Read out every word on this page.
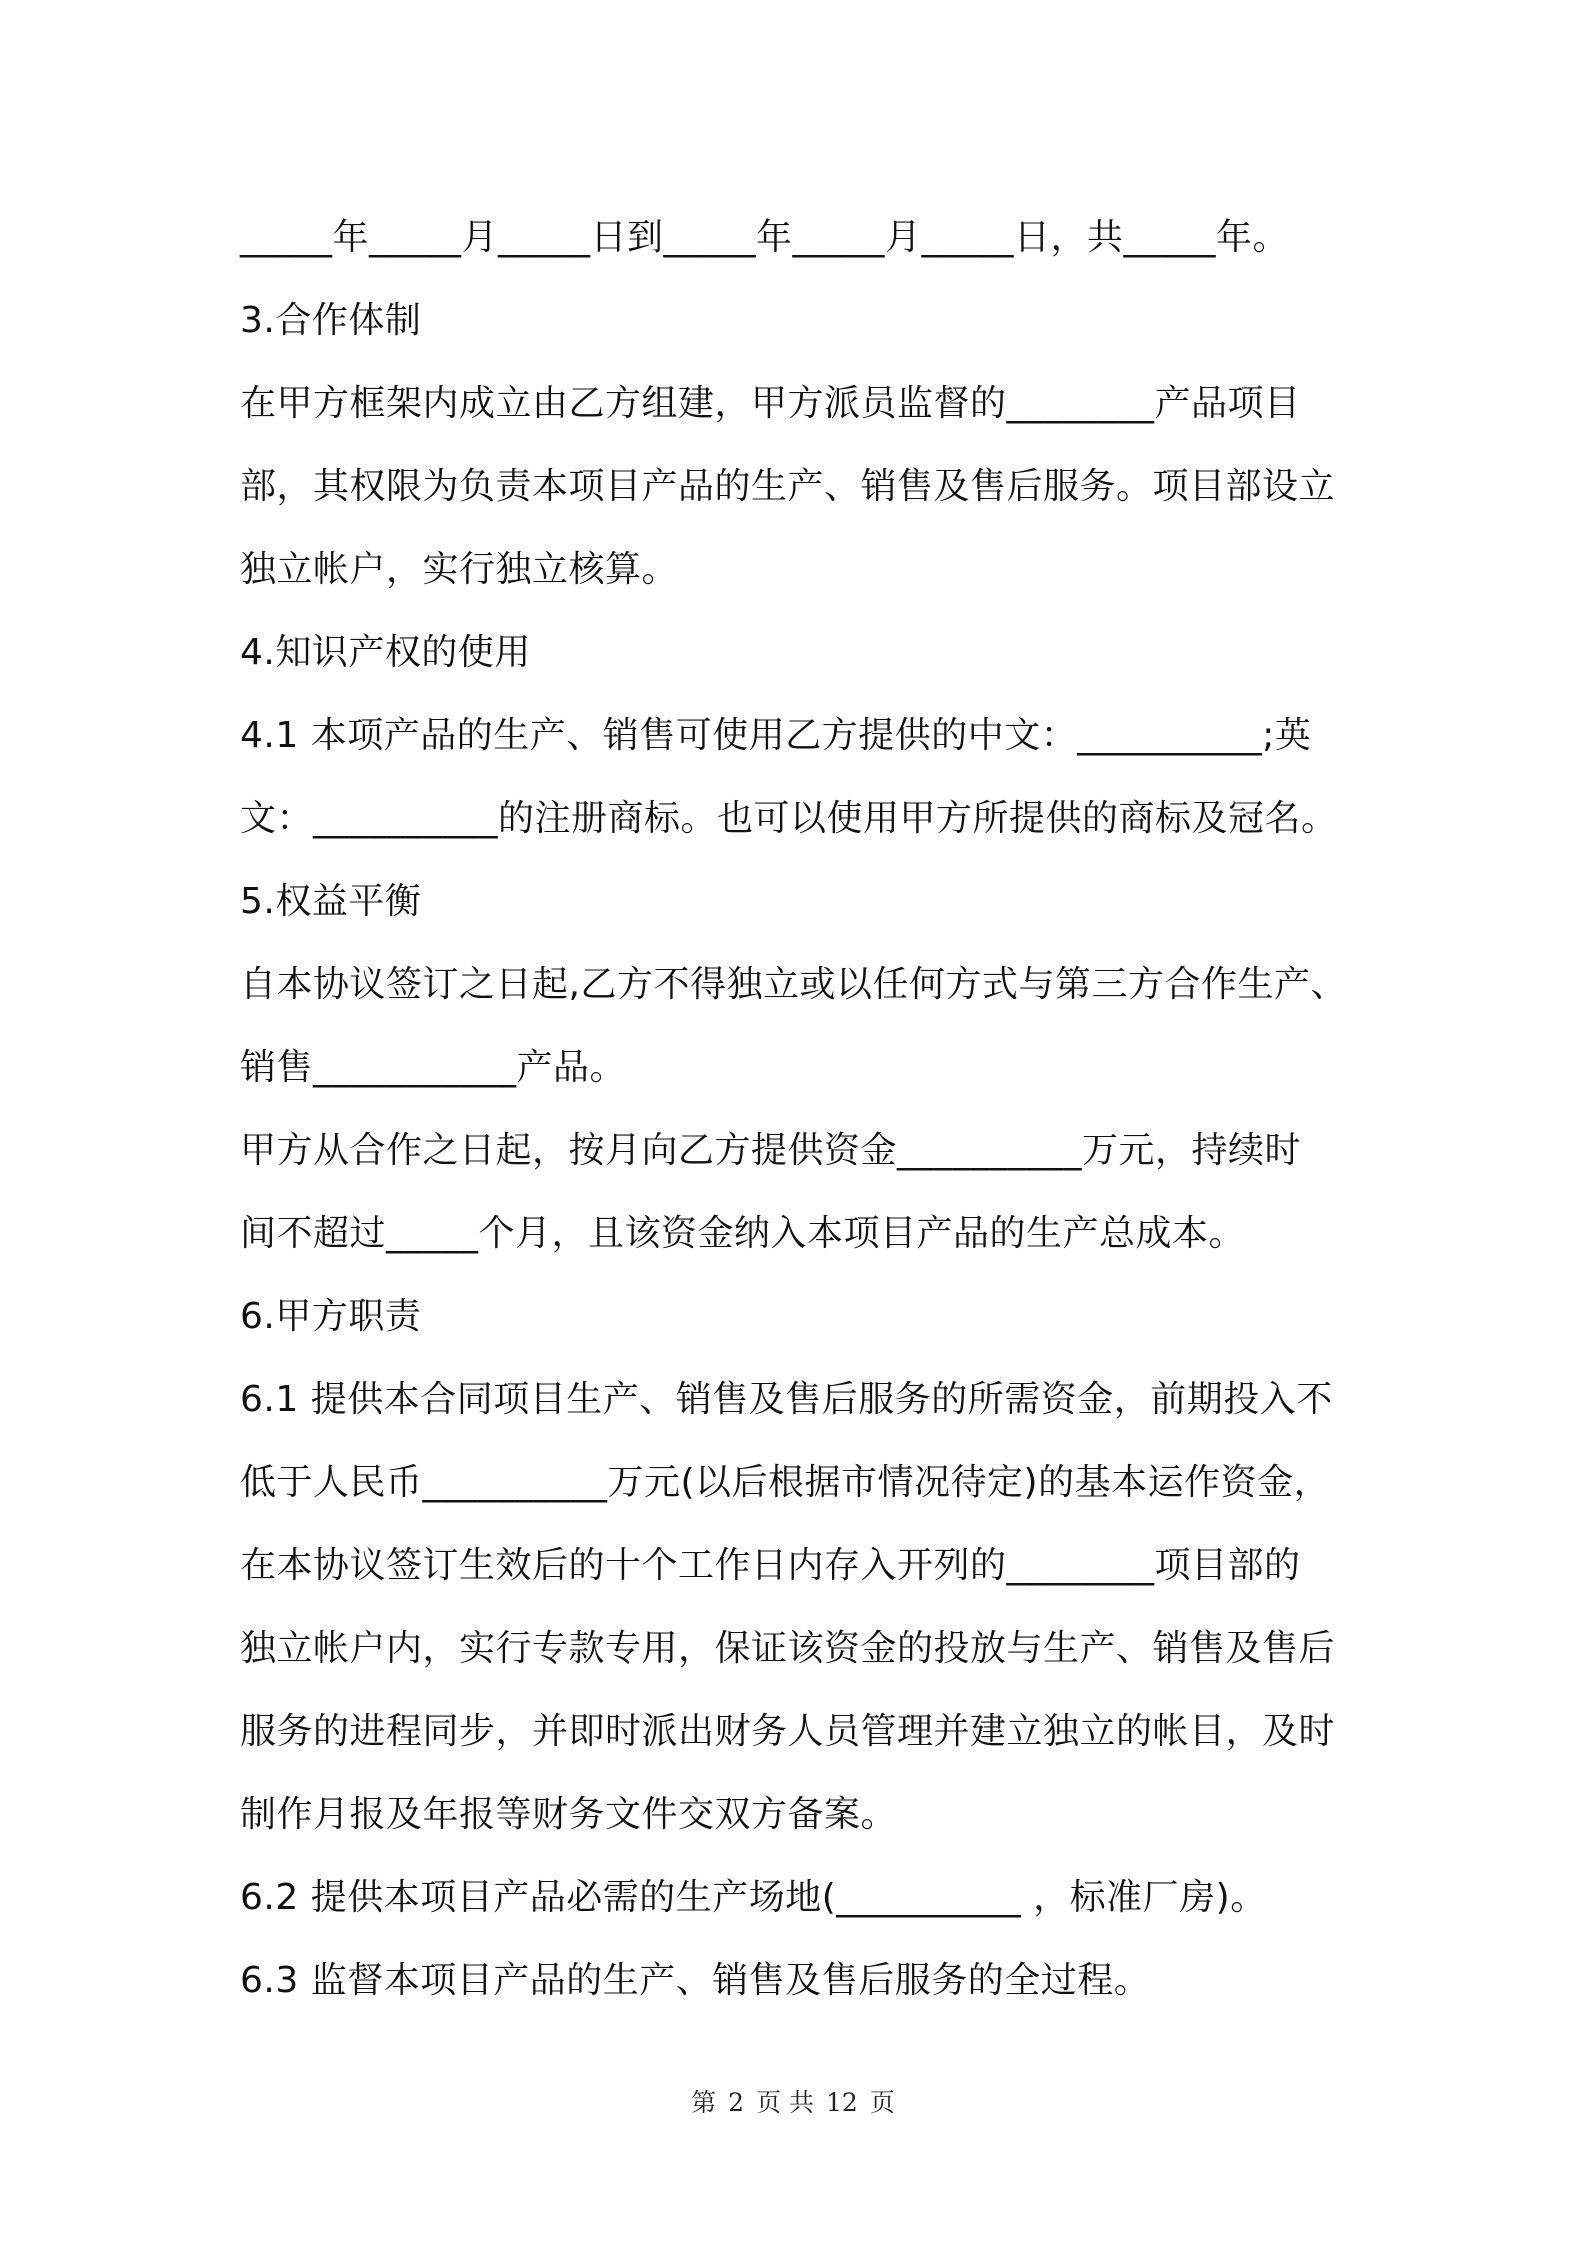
_____年_____月_____日到_____年_____月_____日，共_____年。
3.合作体制
在甲方框架内成立由乙方组建，甲方派员监督的________产品项目
部，其权限为负责本项目产品的生产、销售及售后服务。项目部设立
独立帐户，实行独立核算。
4.知识产权的使用
4.1 本项产品的生产、销售可使用乙方提供的中文：__________;英
文：__________的注册商标。也可以使用甲方所提供的商标及冠名。
5.权益平衡
自本协议签订之日起,乙方不得独立或以任何方式与第三方合作生产、
销售___________产品。
甲方从合作之日起，按月向乙方提供资金__________万元，持续时
间不超过_____个月，且该资金纳入本项目产品的生产总成本。
6.甲方职责
6.1 提供本合同项目生产、销售及售后服务的所需资金，前期投入不
低于人民币__________万元(以后根据市情况待定)的基本运作资金，
在本协议签订生效后的十个工作日内存入开列的________项目部的
独立帐户内，实行专款专用，保证该资金的投放与生产、销售及售后
服务的进程同步，并即时派出财务人员管理并建立独立的帐目，及时
制作月报及年报等财务文件交双方备案。
6.2 提供本项目产品必需的生产场地(__________ ，标准厂房)。
6.3 监督本项目产品的生产、销售及售后服务的全过程。
第 2 页 共 12 页
